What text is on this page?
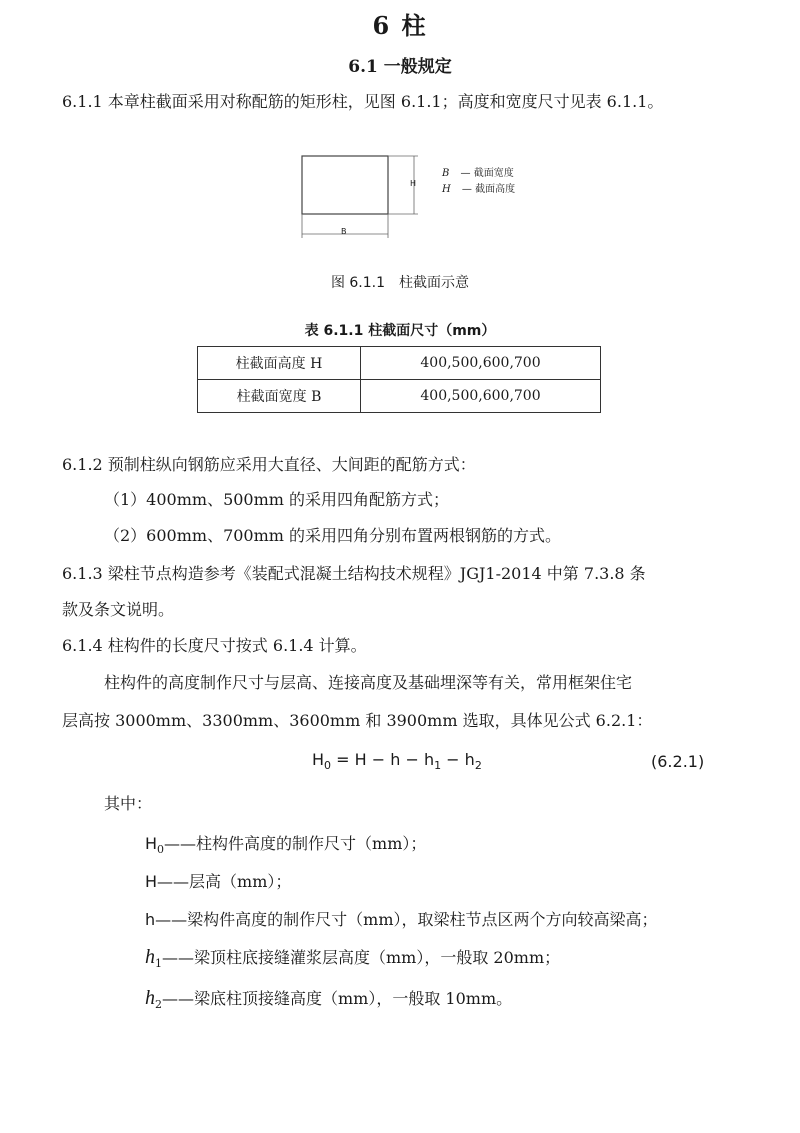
6 柱
6.1 一般规定
6.1.1 本章柱截面采用对称配筋的矩形柱，见图 6.1.1；高度和宽度尺寸见表 6.1.1。
H
B
B — 截面宽度
H — 截面高度
图 6.1.1　柱截面示意
表 6.1.1 柱截面尺寸（mm）
柱截面高度 H	400,500,600,700
柱截面宽度 B	400,500,600,700
6.1.2 预制柱纵向钢筋应采用大直径、大间距的配筋方式：
（1）400mm、500mm 的采用四角配筋方式；
（2）600mm、700mm 的采用四角分别布置两根钢筋的方式。
6.1.3 梁柱节点构造参考《装配式混凝土结构技术规程》JGJ1-2014 中第 7.3.8 条
款及条文说明。
6.1.4 柱构件的长度尺寸按式 6.1.4 计算。
柱构件的高度制作尺寸与层高、连接高度及基础埋深等有关，常用框架住宅
层高按 3000mm、3300mm、3600mm 和 3900mm 选取，具体见公式 6.2.1：
$H_0 = H - h - h_1 - h_2$	(6.2.1)
其中：
$H_0——$柱构件高度的制作尺寸（mm）；
H——层高（mm）；
h——梁构件高度的制作尺寸（mm），取梁柱节点区两个方向较高梁高；
$h_1——$梁顶柱底接缝灌浆层高度（mm），一般取 20mm；
$h_2——$梁底柱顶接缝高度（mm），一般取 10mm。
